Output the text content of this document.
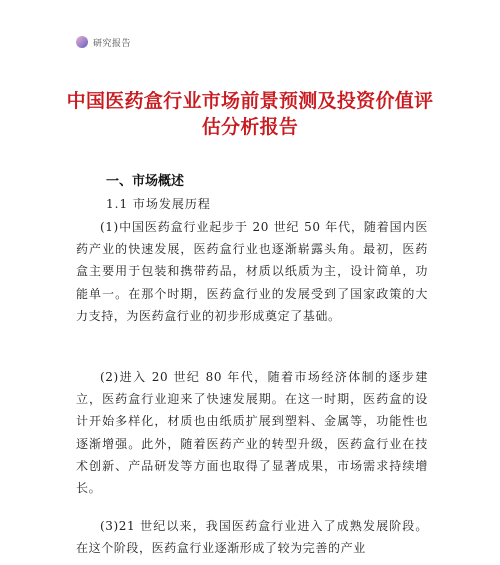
研究报告
中国医药盒行业市场前景预测及投资价值评估分析报告
一、市场概述
1.1 市场发展历程

(1)中国医药盒行业起步于 20 世纪 50 年代，随着国内医药产业的快速发展，医药盒行业也逐渐崭露头角。最初，医药盒主要用于包装和携带药品，材质以纸质为主，设计简单，功能单一。在那个时期，医药盒行业的发展受到了国家政策的大力支持，为医药盒行业的初步形成奠定了基础。

(2)进入 20 世纪 80 年代，随着市场经济体制的逐步建立，医药盒行业迎来了快速发展期。在这一时期，医药盒的设计开始多样化，材质也由纸质扩展到塑料、金属等，功能性也逐渐增强。此外，随着医药产业的转型升级，医药盒行业在技术创新、产品研发等方面也取得了显著成果，市场需求持续增长。

(3)21 世纪以来，我国医药盒行业进入了成熟发展阶段。在这个阶段，医药盒行业逐渐形成了较为完善的产业
